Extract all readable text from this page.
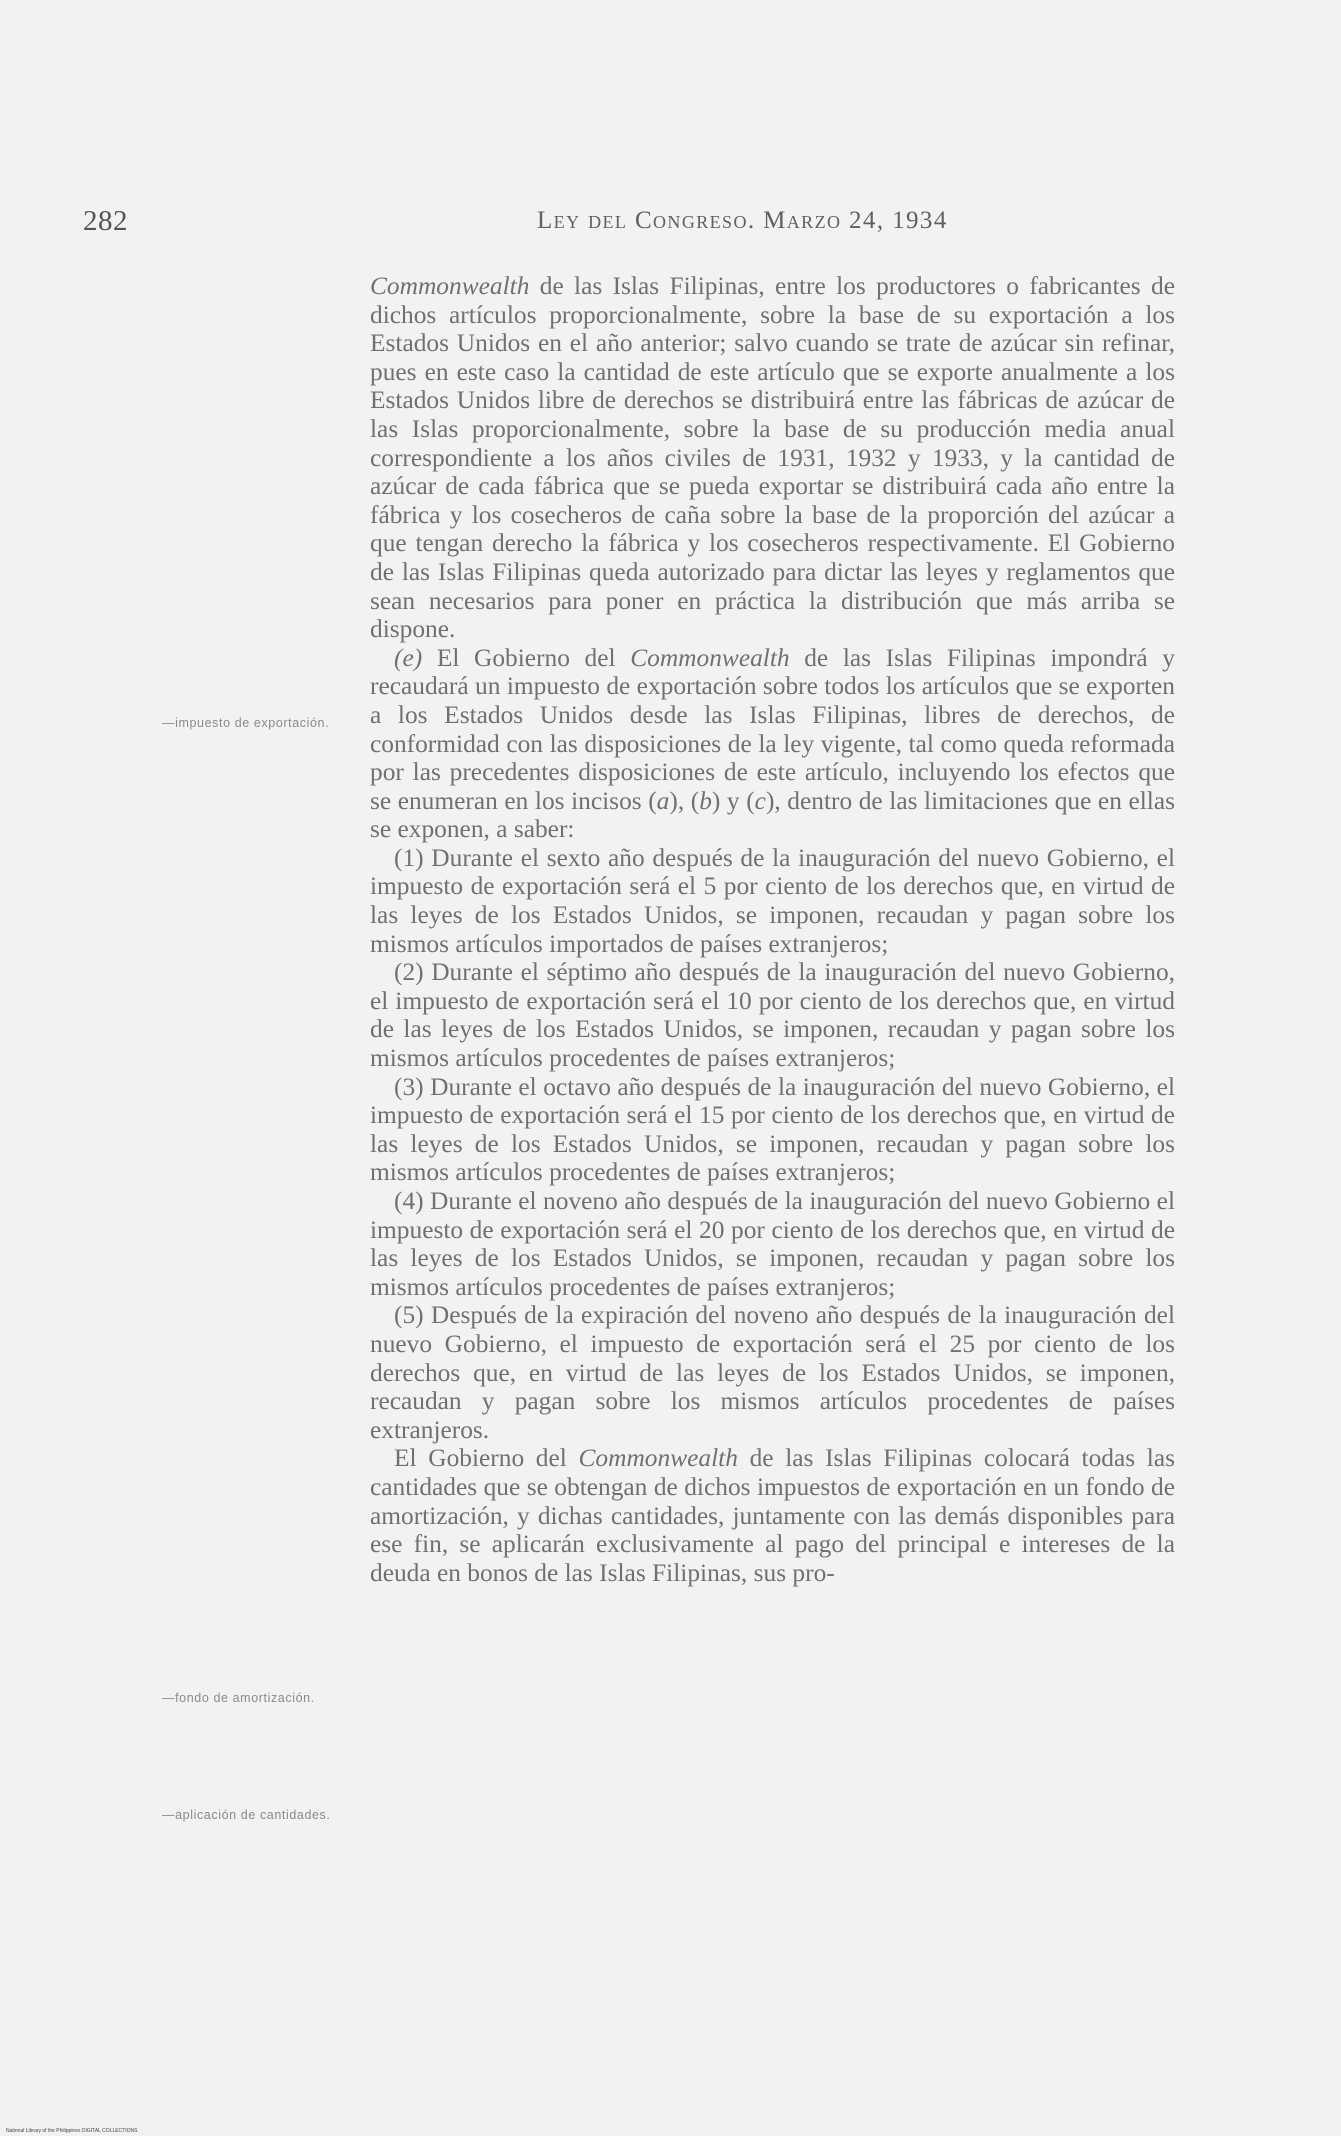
282	Ley del Congreso. Marzo 24, 1934
—impuesto de exportación.
—fondo de amortización.
—aplicación de cantidades.

Commonwealth de las Islas Filipinas, entre los productores o fabricantes de dichos artículos proporcionalmente, sobre la base de su exportación a los Estados Unidos en el año anterior; salvo cuando se trate de azúcar sin refinar, pues en este caso la cantidad de este artículo que se exporte anualmente a los Estados Unidos libre de derechos se distribuirá entre las fábricas de azúcar de las Islas proporcionalmente, sobre la base de su producción media anual correspondiente a los años civiles de 1931, 1932 y 1933, y la cantidad de azúcar de cada fábrica que se pueda exportar se distribuirá cada año entre la fábrica y los cosecheros de caña sobre la base de la proporción del azúcar a que tengan derecho la fábrica y los cosecheros respectivamente. El Gobierno de las Islas Filipinas queda autorizado para dictar las leyes y reglamentos que sean necesarios para poner en práctica la distribución que más arriba se dispone.

(e) El Gobierno del Commonwealth de las Islas Filipinas impondrá y recaudará un impuesto de exportación sobre todos los artículos que se exporten a los Estados Unidos desde las Islas Filipinas, libres de derechos, de conformidad con las disposiciones de la ley vigente, tal como queda reformada por las precedentes disposiciones de este artículo, incluyendo los efectos que se enumeran en los incisos (a), (b) y (c), dentro de las limitaciones que en ellas se exponen, a saber:

(1) Durante el sexto año después de la inauguración del nuevo Gobierno, el impuesto de exportación será el 5 por ciento de los derechos que, en virtud de las leyes de los Estados Unidos, se imponen, recaudan y pagan sobre los mismos artículos importados de países extranjeros;

(2) Durante el séptimo año después de la inauguración del nuevo Gobierno, el impuesto de exportación será el 10 por ciento de los derechos que, en virtud de las leyes de los Estados Unidos, se imponen, recaudan y pagan sobre los mismos artículos procedentes de países extranjeros;

(3) Durante el octavo año después de la inauguración del nuevo Gobierno, el impuesto de exportación será el 15 por ciento de los derechos que, en virtud de las leyes de los Estados Unidos, se imponen, recaudan y pagan sobre los mismos artículos procedentes de países extranjeros;

(4) Durante el noveno año después de la inauguración del nuevo Gobierno el impuesto de exportación será el 20 por ciento de los derechos que, en virtud de las leyes de los Estados Unidos, se imponen, recaudan y pagan sobre los mismos artículos procedentes de países extranjeros;

(5) Después de la expiración del noveno año después de la inauguración del nuevo Gobierno, el impuesto de exportación será el 25 por ciento de los derechos que, en virtud de las leyes de los Estados Unidos, se imponen, recaudan y pagan sobre los mismos artículos procedentes de países extranjeros.

El Gobierno del Commonwealth de las Islas Filipinas colocará todas las cantidades que se obtengan de dichos impuestos de exportación en un fondo de amortización, y dichas cantidades, juntamente con las demás disponibles para ese fin, se aplicarán exclusivamente al pago del principal e intereses de la deuda en bonos de las Islas Filipinas, sus pro-

National Library of the Philippines DIGITAL COLLECTIONS
